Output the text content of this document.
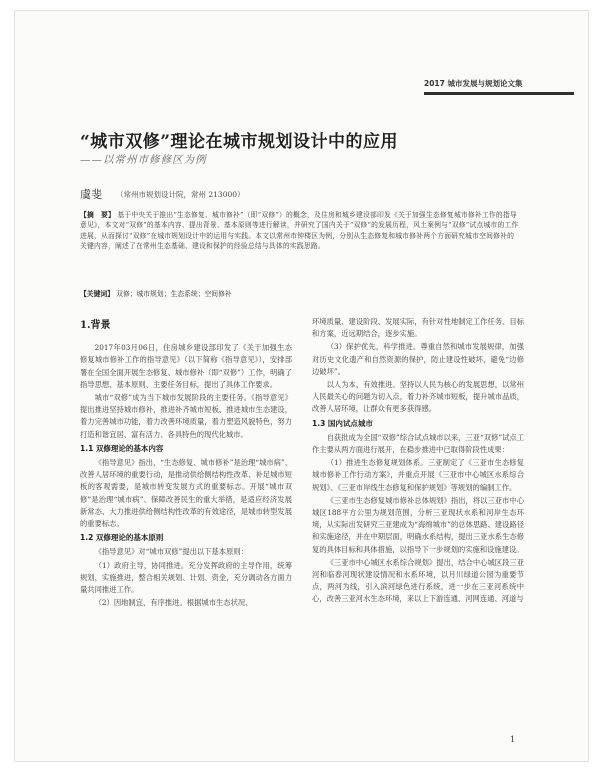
2017 城市发展与规划论文集
“城市双修”理论在城市规划设计中的应用
——以常州市修修区为例
虞斐 （常州市规划设计院，常州 213000）

【摘　要】 基于中央关于推出“生态修复、城市修补”（即“双修”）的概念，及住房和城乡建设部印发《关于加强生态修复城市修补工作的指导意见》，本文对“双修”的基本内容、提出背景、基本原则等进行解读，并研究了国内关于“双修”的发展历程，风土案例与“双修”试点城市的工作进展，从而探讨“双修”在城市规划设计中的运用与实践。本文以常州市钟楼区为例，分别从生态修复和城市修补两个方面研究城市空间修补的关键内容，阐述了在常州生态基础、建设和保护的经验总结与具体的实践思路。

【关键词】 双修；城市规划；生态系统；空间修补
1.背景

2017年03月06日，住房城乡建设部印发了《关于加强生态修复城市修补工作的指导意见》（以下简称《指导意见》），安排部署在全国全面开展生态修复、城市修补（即“双修”）工作，明确了指导思想、基本原则、主要任务目标，提出了具体工作要求。

城市“双修”成为当下城市发展阶段的主要任务。《指导意见》提出推进坚持城市修补，推进补齐城市短板、推进城市生态建设，着力完善城市功能，着力改善环境质量，着力塑造风貌特色，努力打造和谐宜居、富有活力、各具特色的现代化城市。

1.1 双修理论的基本内容

《指导意见》指出，“生态修复、城市修补”是治理“城市病”、改善人居环境的重要行动，是推动供给侧结构性改革、补足城市短板的客观需要，是城市转变发展方式的重要标志。开展“城市双修”是治理“城市病”、保障改善民生的重大举措，是适应经济发展新常态、大力推进供给侧结构性改革的有效途径，是城市转型发展的重要标志。

1.2 双修理论的基本原则

《指导意见》对“城市双修”提出以下基本原则：

（1）政府主导，协同推进。充分发挥政府的主导作用，统筹规划，实施推进，整合相关规划、计划、资金，充分调动各方面力量共同推进工作。

（2）因地制宜，有序推进。根据城市生态状况、

环境质量、建设阶段、发展实际，有针对性地制定工作任务、目标和方案，近远期结合，逐步实施。

（3）保护优先，科学推进。尊重自然和城市发展规律，加强对历史文化遗产和自然资源的保护，防止建设性破坏，避免“边修边破坏”。

以人为本，有效推进。坚持以人民为核心的发展思想，以常州人民最关心的问题为切入点，着力补齐城市短板，提升城市品质，改善人居环境，让群众有更多获得感。

1.3 国内试点城市

自获批成为全国“双修”综合试点城市以来，三亚“双修”试点工作主要从两方面进行展开，在稳步推进中已取得阶段性成果：

（1）推进生态修复规划体系。三亚制定了《三亚市生态修复城市修补工作行动方案》，并重点开展《三亚市中心城区水系综合规划》、《三亚市岸线生态修复和保护规划》等规划的编制工作。

《三亚市生态修复城市修补总体规划》指出，将以三亚市中心城区188平方公里为规划范围，分析三亚现状水系和河岸生态环境，从实际出发研究三亚建成为“海绵城市”的总体思路、建设路径和实施途径，并在中期层面，明确水系结构，提出三亚水系生态修复的具体目标和具体措施，以指导下一步规划的实施和设施建设。

《三亚市中心城区水系综合规划》提出，结合中心城区段三亚河和临春河现状建设情况和水系环境，以月川绿道公园为重要节点，两河为线，引入滨河绿色进行系统，进一步在三亚河系统中心，改善三亚河水生态环境，来以上下游连通、河网连通、河道与

1
